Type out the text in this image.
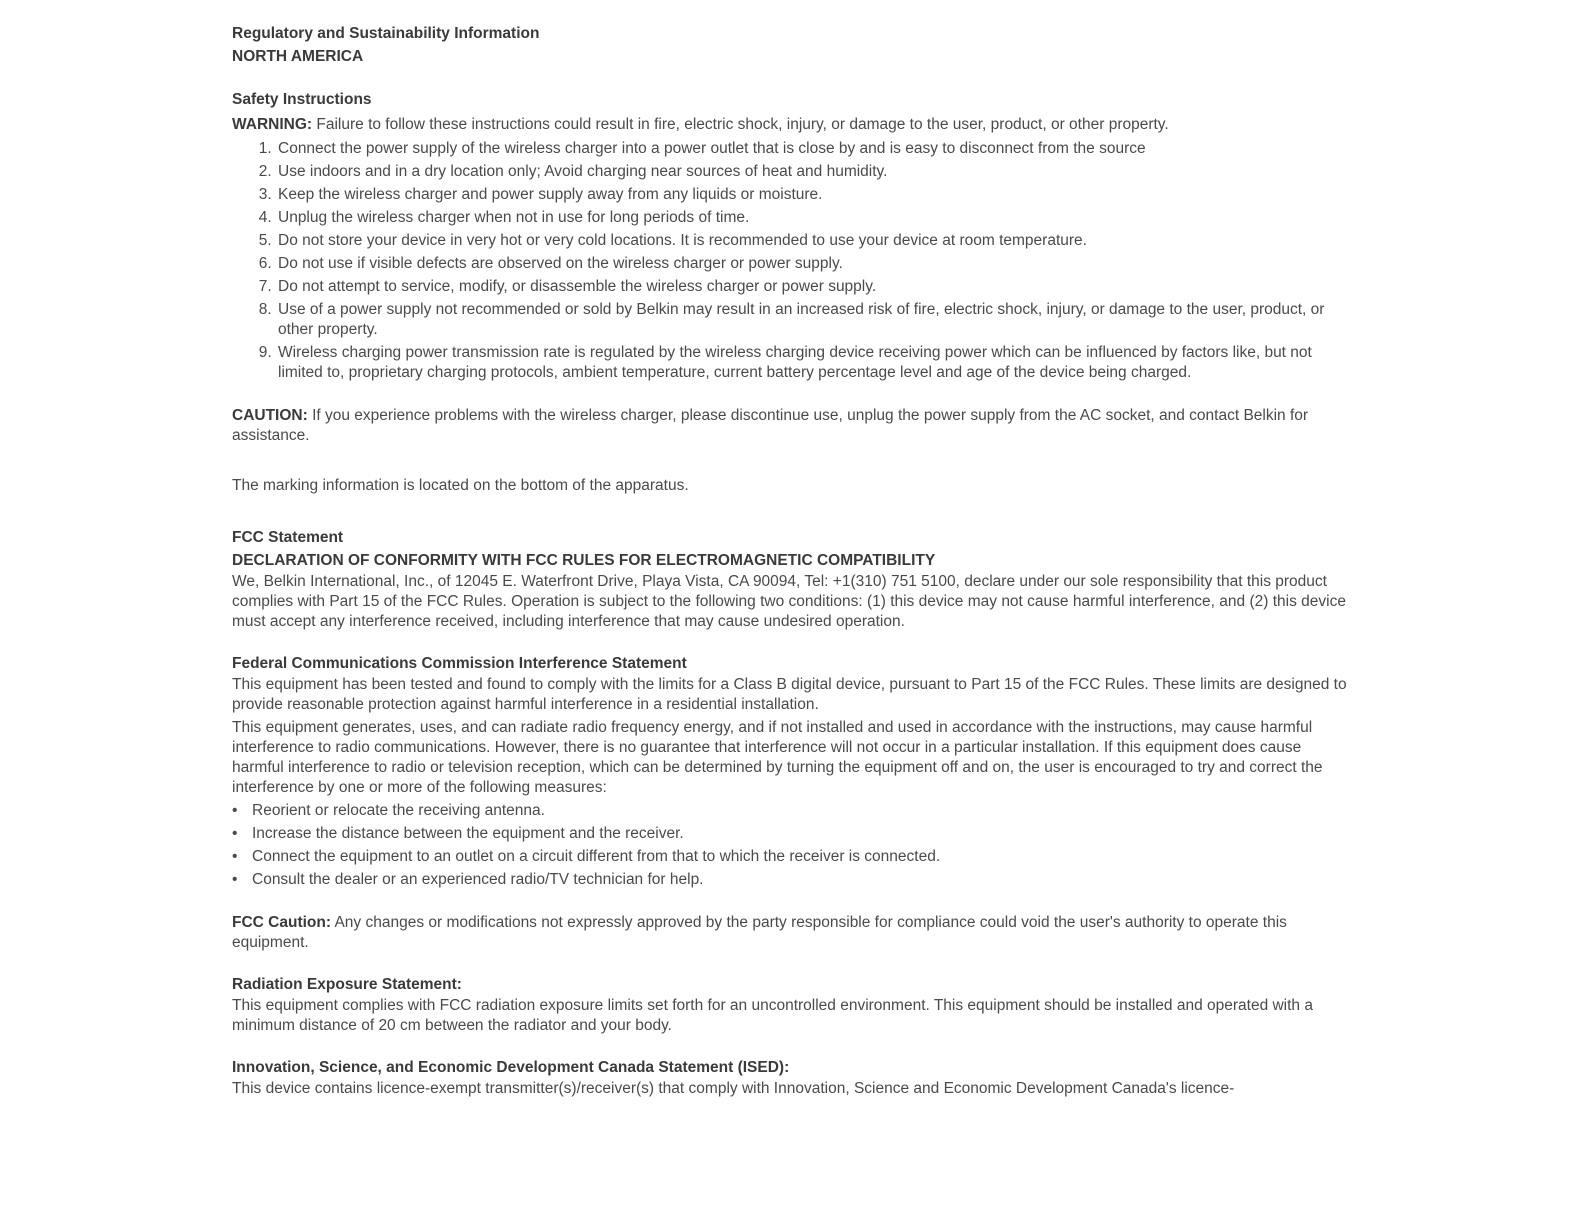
Regulatory and Sustainability Information

NORTH AMERICA

Safety Instructions

WARNING: Failure to follow these instructions could result in fire, electric shock, injury, or damage to the user, product, or other property.

1. Connect the power supply of the wireless charger into a power outlet that is close by and is easy to disconnect from the source
2. Use indoors and in a dry location only; Avoid charging near sources of heat and humidity.
3. Keep the wireless charger and power supply away from any liquids or moisture.
4. Unplug the wireless charger when not in use for long periods of time.
5. Do not store your device in very hot or very cold locations. It is recommended to use your device at room temperature.
6. Do not use if visible defects are observed on the wireless charger or power supply.
7. Do not attempt to service, modify, or disassemble the wireless charger or power supply.
8. Use of a power supply not recommended or sold by Belkin may result in an increased risk of fire, electric shock, injury, or damage to the user, product, or other property.
9. Wireless charging power transmission rate is regulated by the wireless charging device receiving power which can be influenced by factors like, but not limited to, proprietary charging protocols, ambient temperature, current battery percentage level and age of the device being charged.

CAUTION: If you experience problems with the wireless charger, please discontinue use, unplug the power supply from the AC socket, and contact Belkin for assistance.

The marking information is located on the bottom of the apparatus.

FCC Statement

DECLARATION OF CONFORMITY WITH FCC RULES FOR ELECTROMAGNETIC COMPATIBILITY

We, Belkin International, Inc., of 12045 E. Waterfront Drive, Playa Vista, CA 90094, Tel: +1(310) 751 5100, declare under our sole responsibility that this product complies with Part 15 of the FCC Rules. Operation is subject to the following two conditions: (1) this device may not cause harmful interference, and (2) this device must accept any interference received, including interference that may cause undesired operation.

Federal Communications Commission Interference Statement

This equipment has been tested and found to comply with the limits for a Class B digital device, pursuant to Part 15 of the FCC Rules. These limits are designed to provide reasonable protection against harmful interference in a residential installation.

This equipment generates, uses, and can radiate radio frequency energy, and if not installed and used in accordance with the instructions, may cause harmful interference to radio communications. However, there is no guarantee that interference will not occur in a particular installation. If this equipment does cause harmful interference to radio or television reception, which can be determined by turning the equipment off and on, the user is encouraged to try and correct the interference by one or more of the following measures:

• Reorient or relocate the receiving antenna.
• Increase the distance between the equipment and the receiver.
• Connect the equipment to an outlet on a circuit different from that to which the receiver is connected.
• Consult the dealer or an experienced radio/TV technician for help.

FCC Caution: Any changes or modifications not expressly approved by the party responsible for compliance could void the user's authority to operate this equipment.

Radiation Exposure Statement:

This equipment complies with FCC radiation exposure limits set forth for an uncontrolled environment. This equipment should be installed and operated with a minimum distance of 20 cm between the radiator and your body.

Innovation, Science, and Economic Development Canada Statement (ISED):

This device contains licence-exempt transmitter(s)/receiver(s) that comply with Innovation, Science and Economic Development Canada's licence-
